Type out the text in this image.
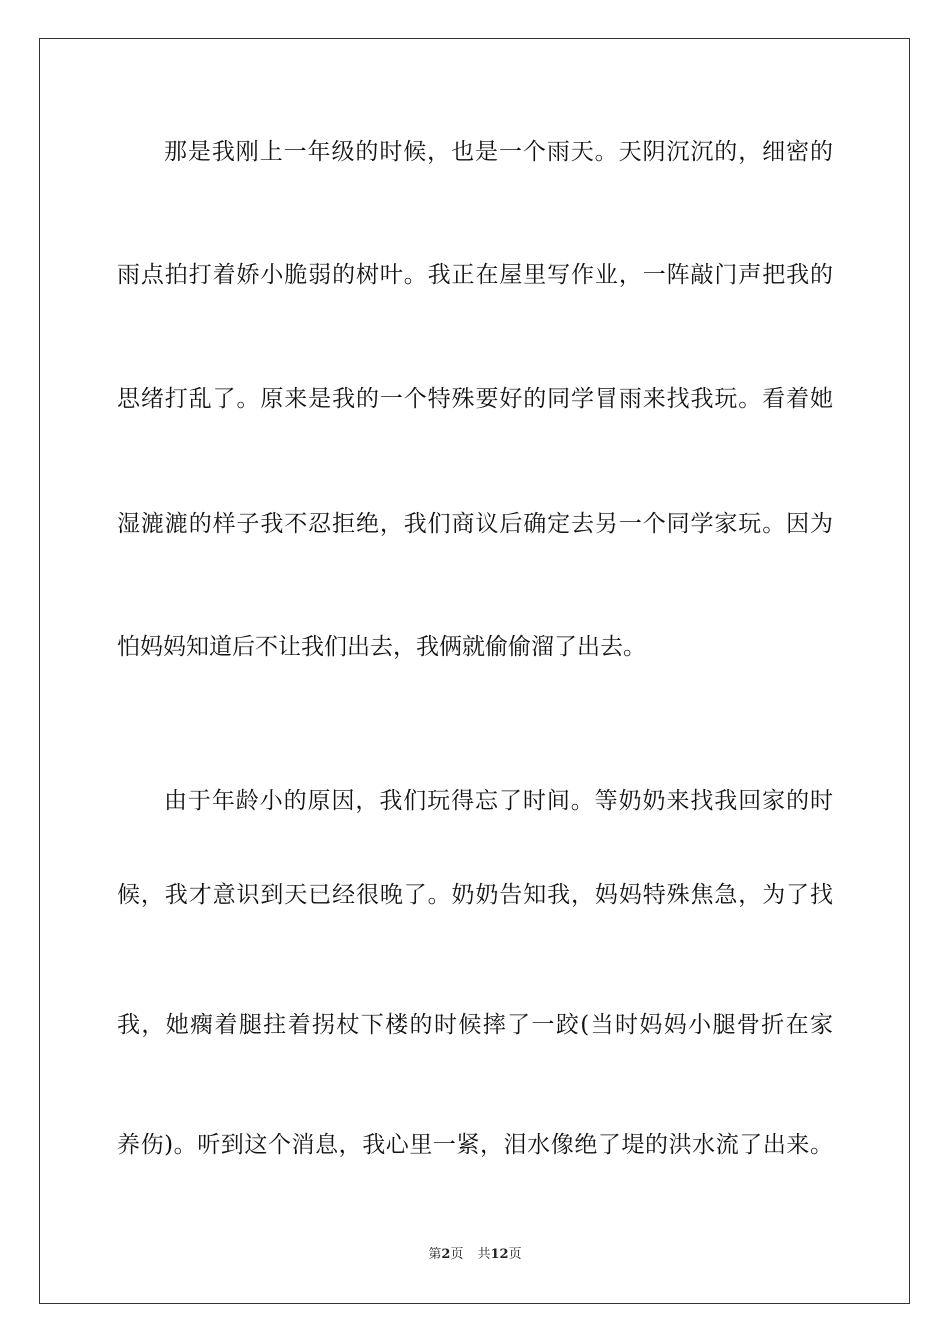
那是我刚上一年级的时候，也是一个雨天。天阴沉沉的，细密的
雨点拍打着娇小脆弱的树叶。我正在屋里写作业，一阵敲门声把我的
思绪打乱了。原来是我的一个特殊要好的同学冒雨来找我玩。看着她
湿漉漉的样子我不忍拒绝，我们商议后确定去另一个同学家玩。因为
怕妈妈知道后不让我们出去，我俩就偷偷溜了出去。
由于年龄小的原因，我们玩得忘了时间。等奶奶来找我回家的时
候，我才意识到天已经很晚了。奶奶告知我，妈妈特殊焦急，为了找
我，她瘸着腿拄着拐杖下楼的时候摔了一跤(当时妈妈小腿骨折在家
养伤)。听到这个消息，我心里一紧，泪水像绝了堤的洪水流了出来。
第2页 共12页
